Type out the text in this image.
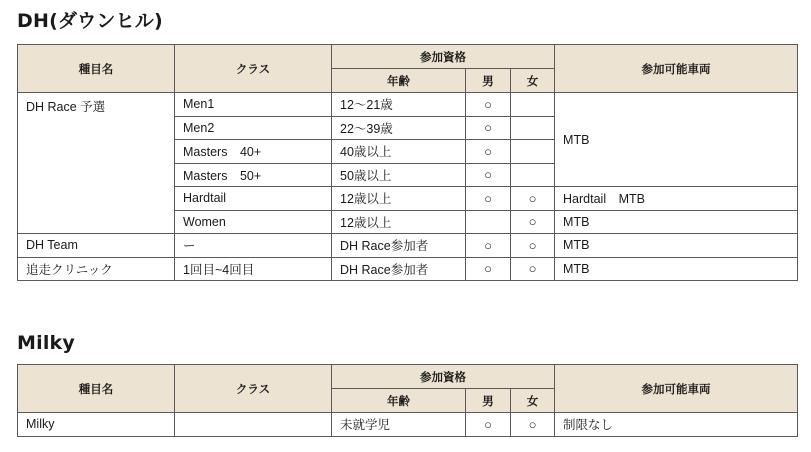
DH(ダウンヒル)
種目名	クラス	参加資格			参加可能車両
		年齢	男	女	
DH Race 予選	Men1	12～21歳	○		MTB
	Men2	22～39歳	○		
	Masters　40+	40歳以上	○		
	Masters　50+	50歳以上	○		
	Hardtail	12歳以上	○	○	Hardtail　MTB
	Women	12歳以上		○	MTB
DH Team	ー	DH Race参加者	○	○	MTB
追走クリニック	1回目~4回目	DH Race参加者	○	○	MTB
Milky
種目名	クラス	参加資格			参加可能車両
		年齢	男	女	
Milky		未就学児	○	○	制限なし
